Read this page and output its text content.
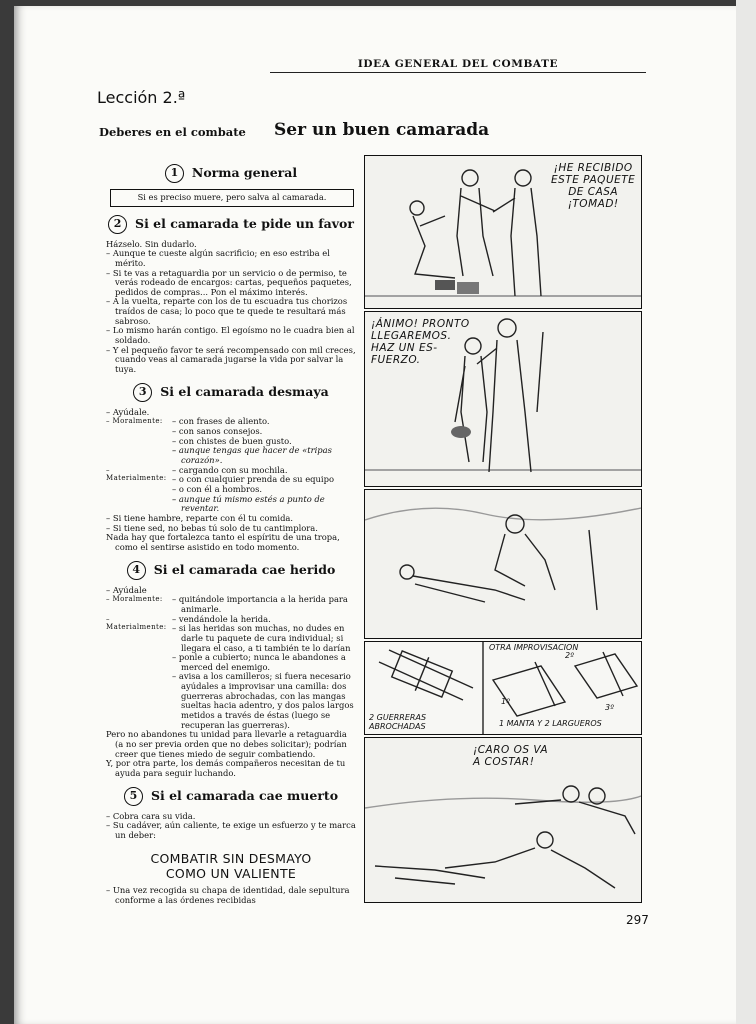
IDEA GENERAL DEL COMBATE
Lección 2.ª
Deberes en el combate Ser un buen camarada
1	Norma general
Si es preciso muere, pero salva al camarada.
2	Si el camarada te pide un favor

Házselo. Sin dudarlo.

– Aunque te cueste algún sacrificio; en eso estriba el mérito.

– Si te vas a retaguardia por un servicio o de permiso, te verás rodeado de encargos: cartas, pequeños paquetes, pedidos de compras... Pon el máximo interés.

– A la vuelta, reparte con los de tu escuadra tus chorizos traídos de casa; lo poco que te quede te resultará más sabroso.

– Lo mismo harán contigo. El egoísmo no le cuadra bien al soldado.

– Y el pequeño favor te será recompensado con mil creces, cuando veas al camarada jugarse la vida por salvar la tuya.

3	Si el camarada desmaya

– Ayúdale.

– Moralmente:	– con frases de aliento.

– con sanos consejos.

– con chistes de buen gusto.

– aunque tengas que hacer de «tripas corazón».

– Materialmente:

– cargando con su mochila.

– o con cualquier prenda de su equipo

– o con él a hombros.

– aunque tú mismo estés a punto de reventar.

– Si tiene hambre, reparte con él tu comida.

– Si tiene sed, no bebas tú solo de tu cantimplora.

Nada hay que fortalezca tanto el espíritu de una tropa, como el sentirse asistido en todo momento.

4	Si el camarada cae herido

– Ayúdale

– Moralmente:	– quitándole importancia a la herida para animarle.

– Materialmente:

– vendándole la herida.

– si las heridas son muchas, no dudes en darle tu paquete de cura individual; si llegara el caso, a ti también te lo darían

– ponle a cubierto; nunca le abandones a merced del enemigo.

– avisa a los camilleros; si fuera necesario ayúdales a improvisar una camilla: dos guerreras abrochadas, con las mangas sueltas hacia adentro, y dos palos largos metidos a través de éstas (luego se recuperan las guerreras).

Pero no abandones tu unidad para llevarle a retaguardia (a no ser previa orden que no debes solicitar); podrían creer que tienes miedo de seguir combatiendo.

Y, por otra parte, los demás compañeros necesitan de tu ayuda para seguir luchando.

5	Si el camarada cae muerto

– Cobra cara su vida.

– Su cadáver, aún caliente, te exige un esfuerzo y te marca un deber:

COMBATIR SIN DESMAYO
COMO UN VALIENTE

– Una vez recogida su chapa de identidad, dale sepultura conforme a las órdenes recibidas

¡HE RECIBIDO
ESTE PAQUETE
DE CASA
¡TOMAD!
¡ÁNIMO! PRONTO
LLEGAREMOS.
HAZ UN ES-
FUERZO.
OTRA IMPROVISACION
2 GUERRERAS
ABROCHADAS	1 MANTA Y 2 LARGUEROS
1º
2º
3º
¡CARO OS VA
A COSTAR!
297
